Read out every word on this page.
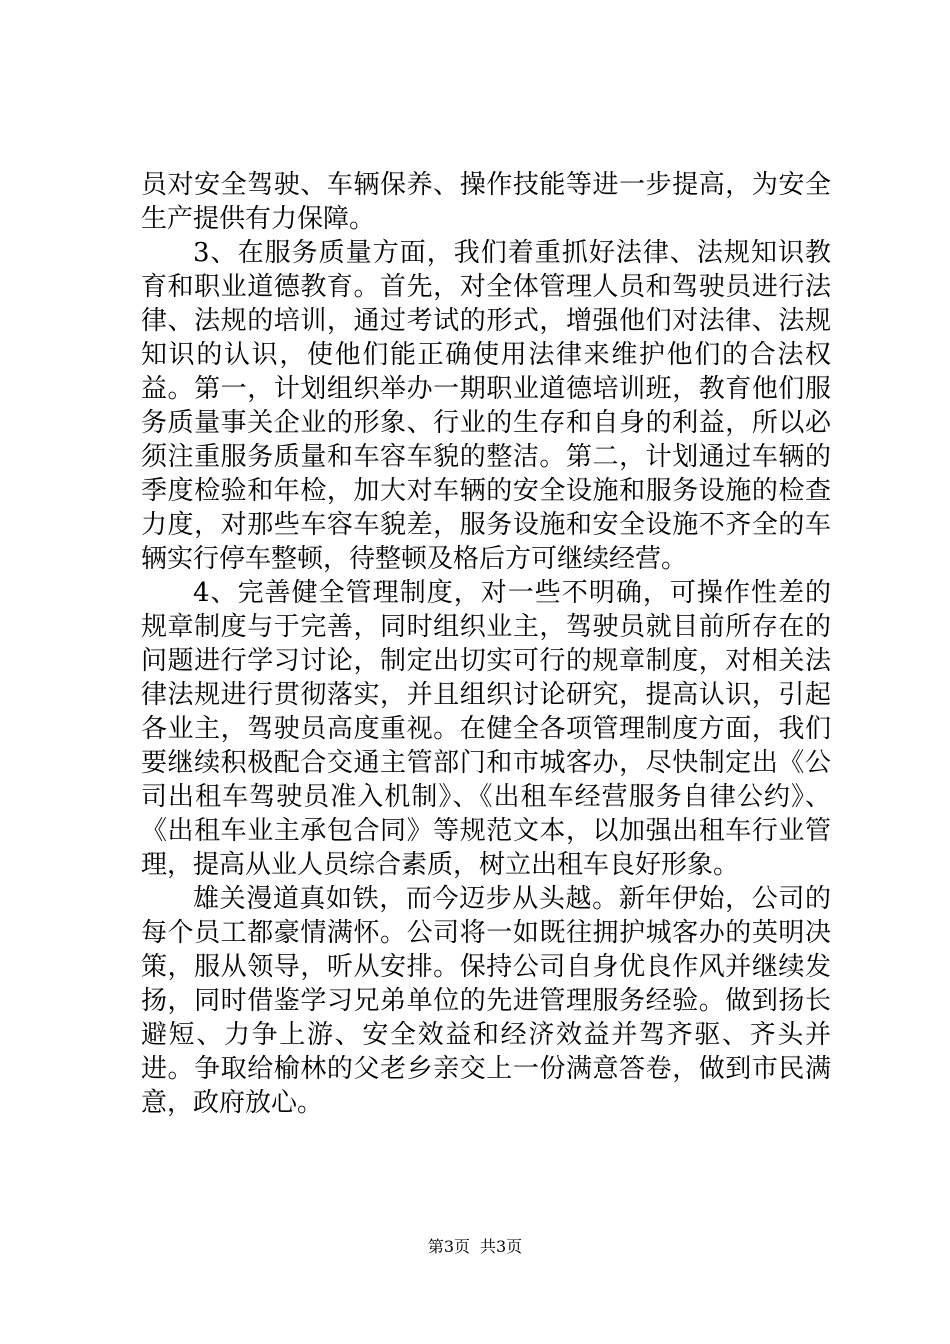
员对安全驾驶、车辆保养、操作技能等进一步提高，为安全生产提供有力保障。

3、在服务质量方面，我们着重抓好法律、法规知识教育和职业道德教育。首先，对全体管理人员和驾驶员进行法律、法规的培训，通过考试的形式，增强他们对法律、法规知识的认识，使他们能正确使用法律来维护他们的合法权益。第一，计划组织举办一期职业道德培训班，教育他们服务质量事关企业的形象、行业的生存和自身的利益，所以必须注重服务质量和车容车貌的整洁。第二，计划通过车辆的季度检验和年检，加大对车辆的安全设施和服务设施的检查力度，对那些车容车貌差，服务设施和安全设施不齐全的车辆实行停车整顿，待整顿及格后方可继续经营。

4、完善健全管理制度，对一些不明确，可操作性差的规章制度与于完善，同时组织业主，驾驶员就目前所存在的问题进行学习讨论，制定出切实可行的规章制度，对相关法律法规进行贯彻落实，并且组织讨论研究，提高认识，引起各业主，驾驶员高度重视。在健全各项管理制度方面，我们要继续积极配合交通主管部门和市城客办，尽快制定出《公司出租车驾驶员准入机制》、《出租车经营服务自律公约》、《出租车业主承包合同》等规范文本，以加强出租车行业管理，提高从业人员综合素质，树立出租车良好形象。

雄关漫道真如铁，而今迈步从头越。新年伊始，公司的每个员工都豪情满怀。公司将一如既往拥护城客办的英明决策，服从领导，听从安排。保持公司自身优良作风并继续发扬，同时借鉴学习兄弟单位的先进管理服务经验。做到扬长避短、力争上游、安全效益和经济效益并驾齐驱、齐头并进。争取给榆林的父老乡亲交上一份满意答卷，做到市民满意，政府放心。

第3页 共3页
